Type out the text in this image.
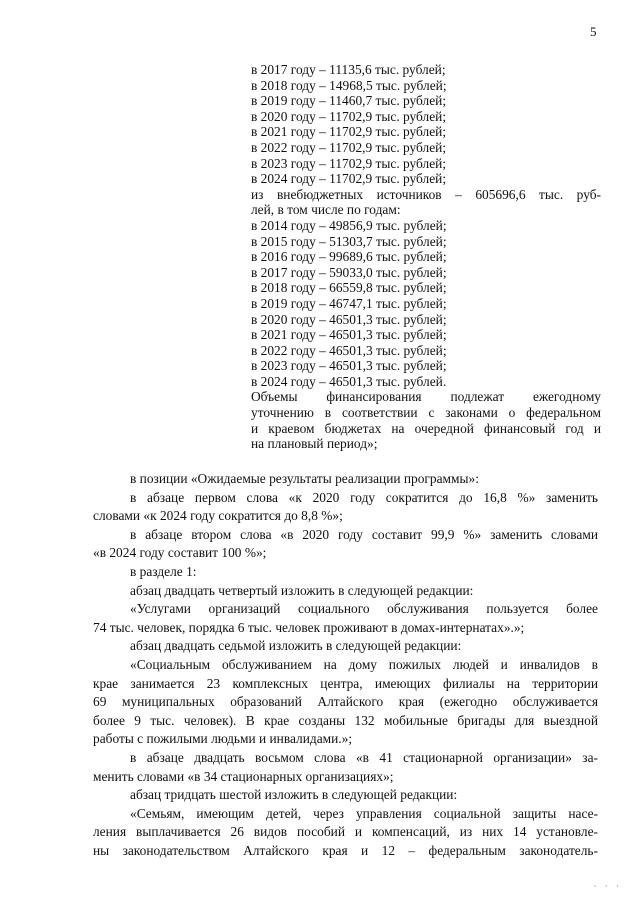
5
в 2017 году – 11135,6 тыс. рублей;
в 2018 году – 14968,5 тыс. рублей;
в 2019 году – 11460,7 тыс. рублей;
в 2020 году – 11702,9 тыс. рублей;
в 2021 году – 11702,9 тыс. рублей;
в 2022 году – 11702,9 тыс. рублей;
в 2023 году – 11702,9 тыс. рублей;
в 2024 году – 11702,9 тыс. рублей;
из внебюджетных источников – 605696,6 тыс. руб-
лей, в том числе по годам:
в 2014 году – 49856,9 тыс. рублей;
в 2015 году – 51303,7 тыс. рублей;
в 2016 году – 99689,6 тыс. рублей;
в 2017 году – 59033,0 тыс. рублей;
в 2018 году – 66559,8 тыс. рублей;
в 2019 году – 46747,1 тыс. рублей;
в 2020 году – 46501,3 тыс. рублей;
в 2021 году – 46501,3 тыс. рублей;
в 2022 году – 46501,3 тыс. рублей;
в 2023 году – 46501,3 тыс. рублей;
в 2024 году – 46501,3 тыс. рублей.
Объемы финансирования подлежат ежегодному
уточнению в соответствии с законами о федеральном
и краевом бюджетах на очередной финансовый год и
на плановый период»;
в позиции «Ожидаемые результаты реализации программы»:
в абзаце первом слова «к 2020 году сократится до 16,8 %» заменить
словами «к 2024 году сократится до 8,8 %»;
в абзаце втором слова «в 2020 году составит 99,9 %» заменить словами
«в 2024 году составит 100 %»;
в разделе 1:
абзац двадцать четвертый изложить в следующей редакции:
«Услугами организаций социального обслуживания пользуется более
74 тыс. человек, порядка 6 тыс. человек проживают в домах-интернатах».»;
абзац двадцать седьмой изложить в следующей редакции:
«Социальным обслуживанием на дому пожилых людей и инвалидов в
крае занимается 23 комплексных центра, имеющих филиалы на территории
69 муниципальных образований Алтайского края (ежегодно обслуживается
более 9 тыс. человек). В крае созданы 132 мобильные бригады для выездной
работы с пожилыми людьми и инвалидами.»;
в абзаце двадцать восьмом слова «в 41 стационарной организации» за-
менить словами «в 34 стационарных организациях»;
абзац тридцать шестой изложить в следующей редакции:
«Семьям, имеющим детей, через управления социальной защиты насе-
ления выплачивается 26 видов пособий и компенсаций, из них 14 установле-
ны законодательством Алтайского края и 12 – федеральным законодатель-
· · ·
